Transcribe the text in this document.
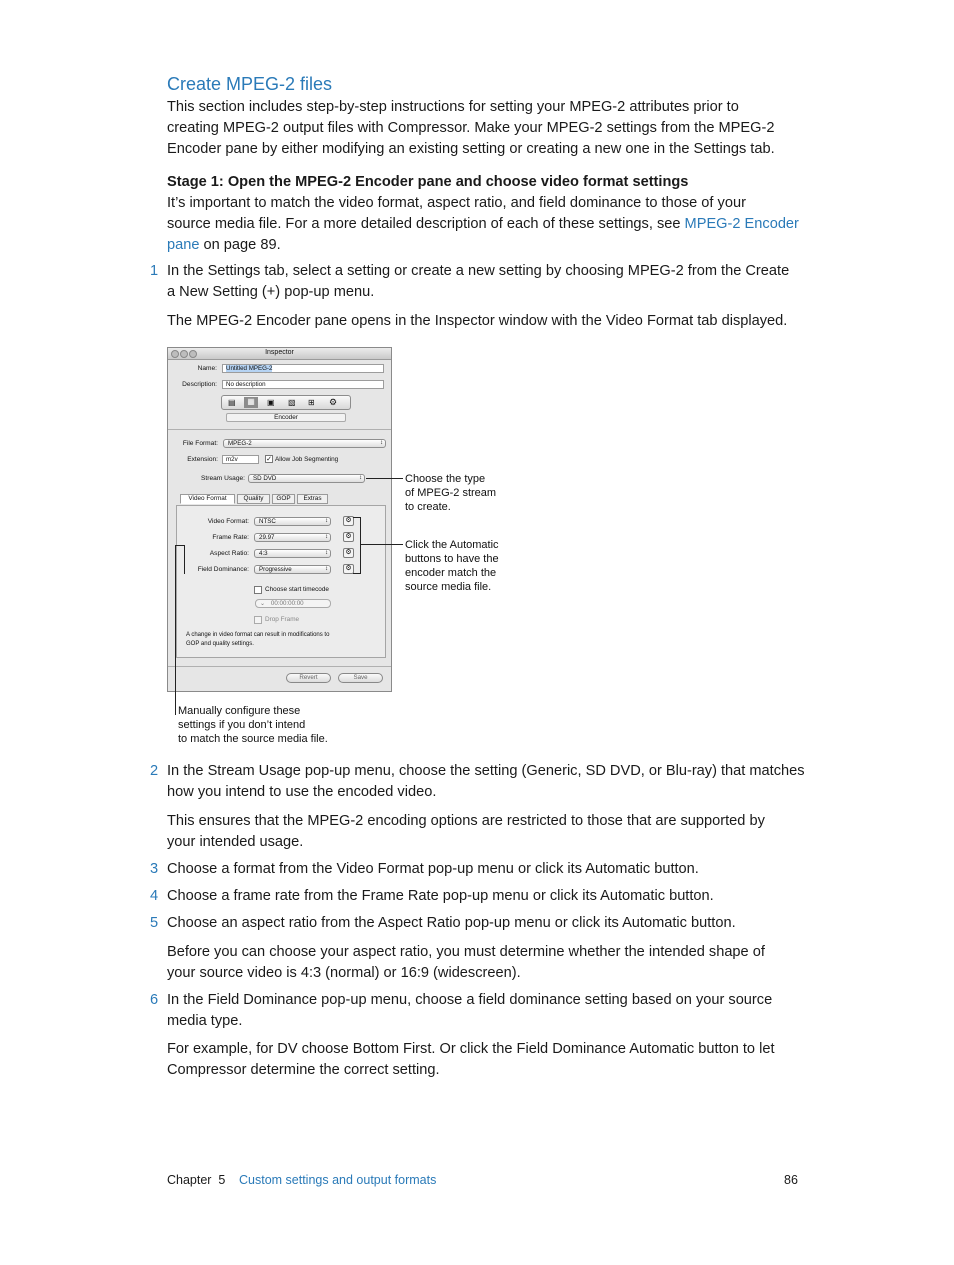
Create MPEG-2 files
This section includes step-by-step instructions for setting your MPEG-2 attributes prior to
creating MPEG-2 output files with Compressor. Make your MPEG-2 settings from the MPEG-2
Encoder pane by either modifying an existing setting or creating a new one in the Settings tab.
Stage 1: Open the MPEG-2 Encoder pane and choose video format settings
It’s important to match the video format, aspect ratio, and field dominance to those of your
source media file. For a more detailed description of each of these settings, see MPEG-2 Encoder
pane on page 89.
1 In the Settings tab, select a setting or create a new setting by choosing MPEG-2 from the Create
a New Setting (+) pop-up menu.
The MPEG-2 Encoder pane opens in the Inspector window with the Video Format tab displayed.
Inspector
Name:	Untitled MPEG-2
Description:	No description
▤	▦	▣ ▧ ⊞ ⚙
Encoder
File Format:	MPEG-2 ↕
Extension:	m2v	✓ Allow Job Segmenting
Stream Usage:	SD DVD ↕
Video Format	Quality	GOP	Extras
Video Format:	NTSC ↕	⚙
Frame Rate:	29.97 ↕	⚙
Aspect Ratio:	4:3 ↕	⚙
Field Dominance:	Progressive ↕	⚙
Choose start timecode
⌄ 00:00:00:00
Drop Frame
A change in video format can result in modifications to
GOP and quality settings.
Revert	Save
Choose the type
of MPEG-2 stream
to create.
Click the Automatic
buttons to have the
encoder match the
source media file.
Manually configure these
settings if you don’t intend
to match the source media file.
2 In the Stream Usage pop-up menu, choose the setting (Generic, SD DVD, or Blu-ray) that matches
how you intend to use the encoded video.
This ensures that the MPEG-2 encoding options are restricted to those that are supported by
your intended usage.
3 Choose a format from the Video Format pop-up menu or click its Automatic button.
4 Choose a frame rate from the Frame Rate pop-up menu or click its Automatic button.
5 Choose an aspect ratio from the Aspect Ratio pop-up menu or click its Automatic button.
Before you can choose your aspect ratio, you must determine whether the intended shape of
your source video is 4:3 (normal) or 16:9 (widescreen).
6 In the Field Dominance pop-up menu, choose a field dominance setting based on your source
media type.
For example, for DV choose Bottom First. Or click the Field Dominance Automatic button to let
Compressor determine the correct setting.
Chapter  5 Custom settings and output formats	86
